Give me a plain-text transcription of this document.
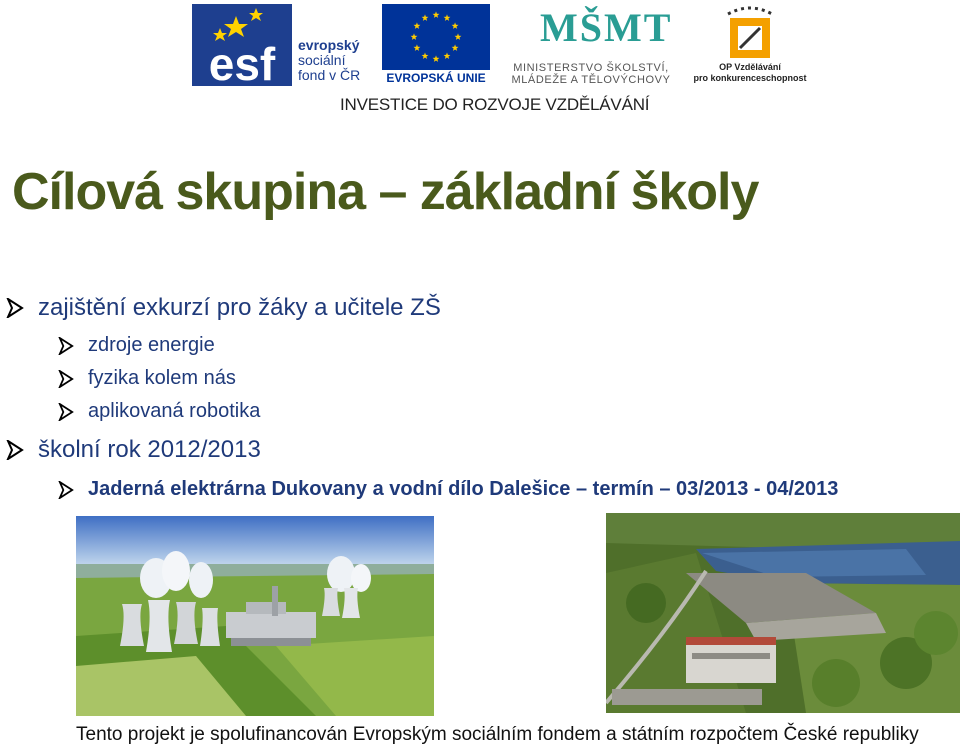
esf evropský
sociální
fond v ČR	EVROPSKÁ UNIE
MŠMT
MINISTERSTVO ŠKOLSTVÍ,
MLÁDEŽE A TĚLOVÝCHOVY
OP Vzdělávání
pro konkurenceschopnost
INVESTICE DO ROZVOJE VZDĚLÁVÁNÍ
Cílová skupina – základní školy
zajištění exkurzí pro žáky a učitele ZŠ
zdroje energie
fyzika kolem nás
aplikovaná robotika
školní rok 2012/2013
Jaderná elektrárna Dukovany a vodní dílo Dalešice – termín – 03/2013 - 04/2013
Tento projekt je spolufinancován Evropským sociálním fondem a státním rozpočtem České republiky
